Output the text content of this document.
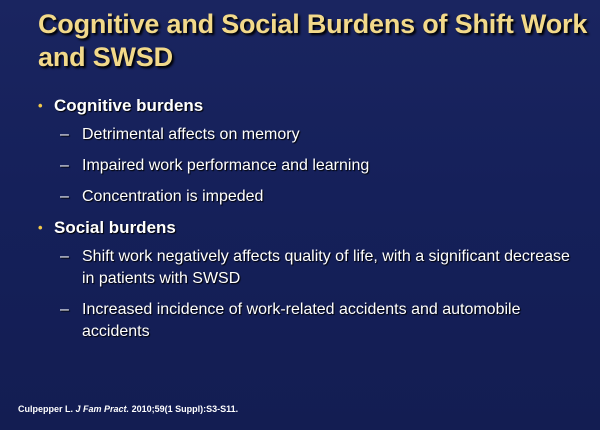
Cognitive and Social Burdens of Shift Work and SWSD
• Cognitive burdens
– Detrimental affects on memory
– Impaired work performance and learning
– Concentration is impeded
• Social burdens
– Shift work negatively affects quality of life, with a significant decrease in patients with SWSD
– Increased incidence of work-related accidents and automobile accidents
Culpepper L. J Fam Pract. 2010;59(1 Suppl):S3-S11.
